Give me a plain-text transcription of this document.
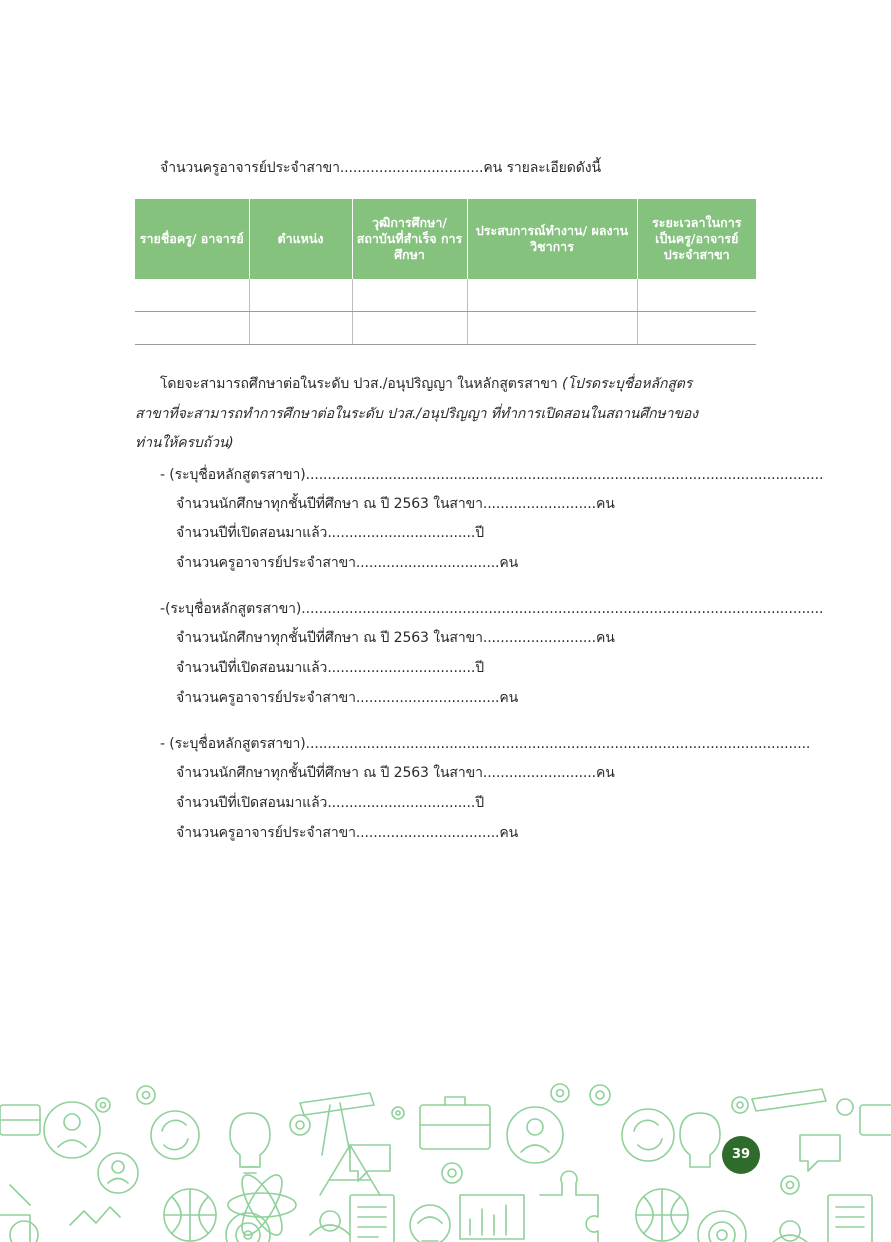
จำนวนครูอาจารย์ประจำสาขา.................................คน รายละเอียดดังนี้
รายชื่อครู/ อาจารย์	ตำแหน่ง	วุฒิการศึกษา/ สถาบันที่สำเร็จ การศึกษา	ประสบการณ์ทำงาน/ ผลงานวิชาการ	ระยะเวลาในการ เป็นครู/อาจารย์ ประจำสาขา

โดยจะสามารถศึกษาต่อในระดับ ปวส./อนุปริญญา ในหลักสูตรสาขา (โปรดระบุชื่อหลักสูตร
สาขาที่จะสามารถทำการศึกษาต่อในระดับ ปวส./อนุปริญญา ที่ทำการเปิดสอนในสถานศึกษาของ
ท่านให้ครบถ้วน)
- (ระบุชื่อหลักสูตรสาขา).......................................................................................................................
จำนวนนักศึกษาทุกชั้นปีที่ศึกษา ณ ปี 2563 ในสาขา..........................คน
จำนวนปีที่เปิดสอนมาแล้ว..................................ปี
จำนวนครูอาจารย์ประจำสาขา.................................คน
-(ระบุชื่อหลักสูตรสาขา)........................................................................................................................
จำนวนนักศึกษาทุกชั้นปีที่ศึกษา ณ ปี 2563 ในสาขา..........................คน
จำนวนปีที่เปิดสอนมาแล้ว..................................ปี
จำนวนครูอาจารย์ประจำสาขา.................................คน
- (ระบุชื่อหลักสูตรสาขา)....................................................................................................................
จำนวนนักศึกษาทุกชั้นปีที่ศึกษา ณ ปี 2563 ในสาขา..........................คน
จำนวนปีที่เปิดสอนมาแล้ว..................................ปี
จำนวนครูอาจารย์ประจำสาขา.................................คน
39
